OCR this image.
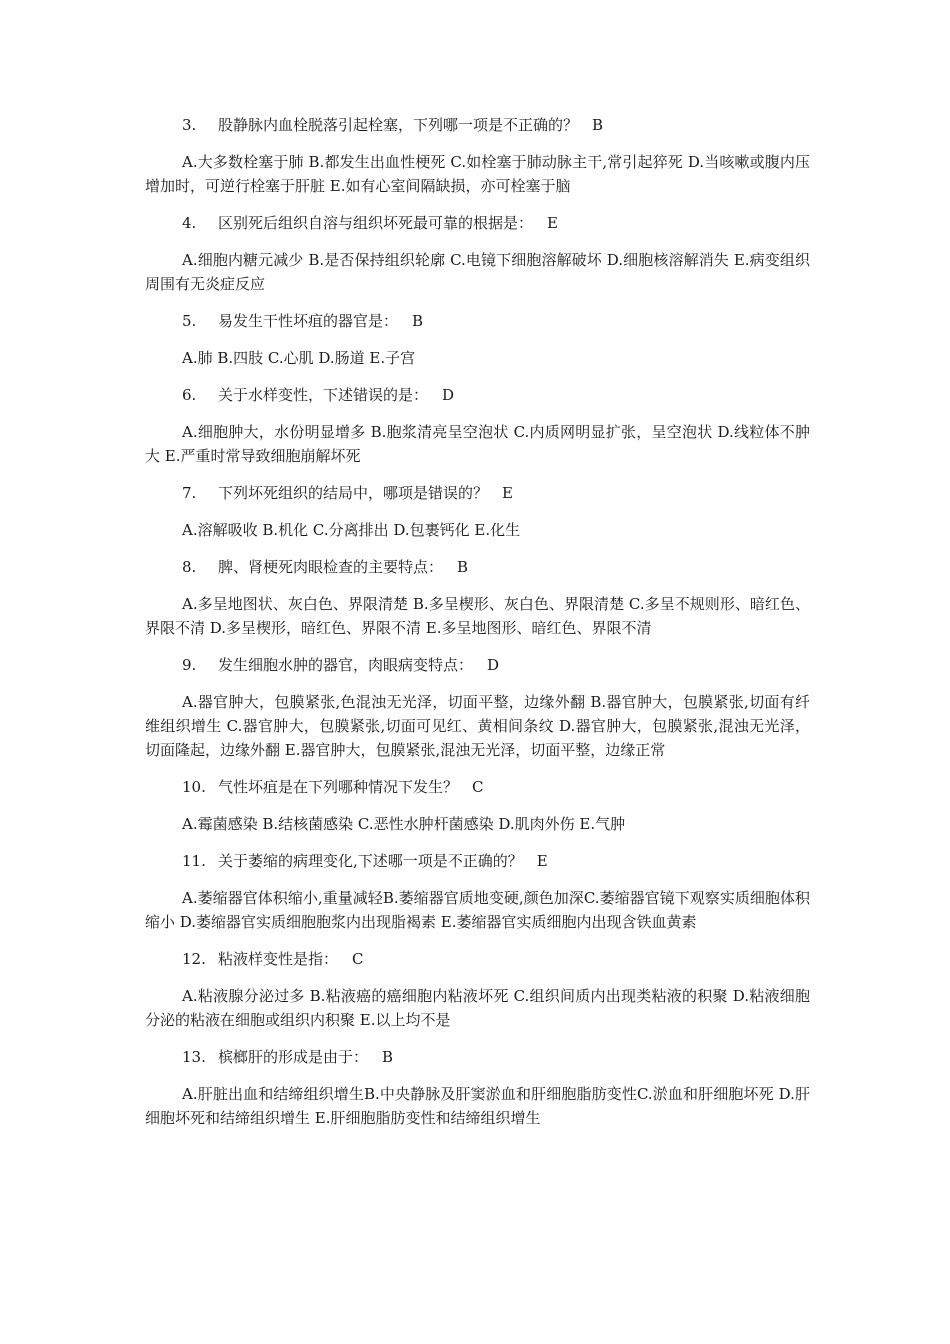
3. 股静脉内血栓脱落引起栓塞，下列哪一项是不正确的？ B

A.大多数栓塞于肺 B.都发生出血性梗死 C.如栓塞于肺动脉主干,常引起猝死 D.当咳嗽或腹内压增加时，可逆行栓塞于肝脏 E.如有心室间隔缺损，亦可栓塞于脑

4. 区别死后组织自溶与组织坏死最可靠的根据是： E

A.细胞内糖元减少 B.是否保持组织轮廓 C.电镜下细胞溶解破坏 D.细胞核溶解消失 E.病变组织周围有无炎症反应

5. 易发生干性坏疽的器官是： B

A.肺 B.四肢 C.心肌 D.肠道 E.子宫

6. 关于水样变性，下述错误的是： D

A.细胞肿大，水份明显增多 B.胞浆清亮呈空泡状 C.内质网明显扩张，呈空泡状 D.线粒体不肿大 E.严重时常导致细胞崩解坏死

7. 下列坏死组织的结局中，哪项是错误的？ E

A.溶解吸收 B.机化 C.分离排出 D.包裹钙化 E.化生

8. 脾、肾梗死肉眼检查的主要特点： B

A.多呈地图状、灰白色、界限清楚 B.多呈楔形、灰白色、界限清楚 C.多呈不规则形、暗红色、界限不清 D.多呈楔形，暗红色、界限不清 E.多呈地图形、暗红色、界限不清

9. 发生细胞水肿的器官，肉眼病变特点： D

A.器官肿大，包膜紧张,色混浊无光泽，切面平整，边缘外翻 B.器官肿大，包膜紧张,切面有纤维组织增生 C.器官肿大，包膜紧张,切面可见红、黄相间条纹 D.器官肿大，包膜紧张,混浊无光泽，切面隆起，边缘外翻 E.器官肿大，包膜紧张,混浊无光泽，切面平整，边缘正常

10. 气性坏疽是在下列哪种情况下发生？ C

A.霉菌感染 B.结核菌感染 C.恶性水肿杆菌感染 D.肌肉外伤 E.气肿

11. 关于萎缩的病理变化,下述哪一项是不正确的？ E

A.萎缩器官体积缩小,重量减轻B.萎缩器官质地变硬,颜色加深C.萎缩器官镜下观察实质细胞体积缩小 D.萎缩器官实质细胞胞浆内出现脂褐素 E.萎缩器官实质细胞内出现含铁血黄素

12. 粘液样变性是指： C

A.粘液腺分泌过多 B.粘液癌的癌细胞内粘液坏死 C.组织间质内出现类粘液的积聚 D.粘液细胞分泌的粘液在细胞或组织内积聚 E.以上均不是

13. 槟榔肝的形成是由于： B

A.肝脏出血和结缔组织增生B.中央静脉及肝窦淤血和肝细胞脂肪变性C.淤血和肝细胞坏死 D.肝细胞坏死和结缔组织增生 E.肝细胞脂肪变性和结缔组织增生
